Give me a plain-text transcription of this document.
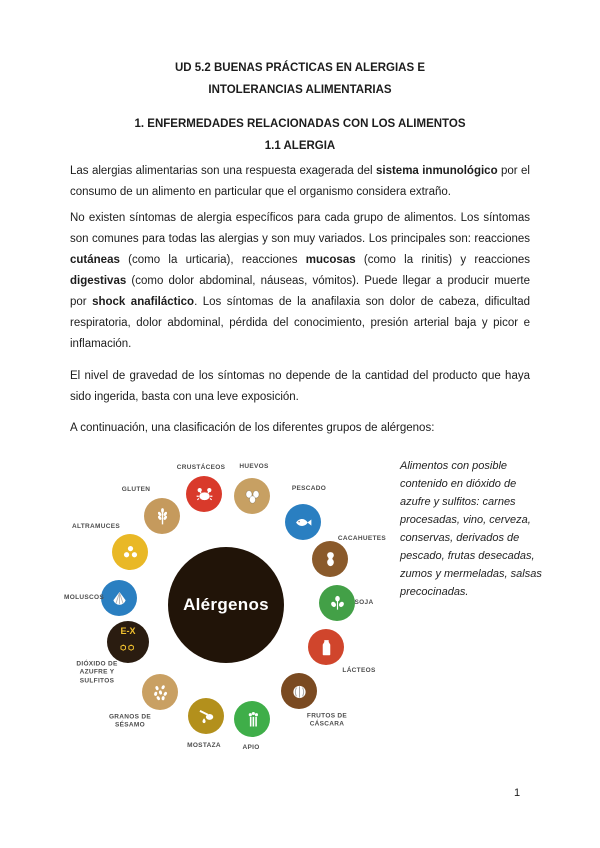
UD 5.2 BUENAS PRÁCTICAS EN ALERGIAS E
INTOLERANCIAS ALIMENTARIAS
1. ENFERMEDADES RELACIONADAS CON LOS ALIMENTOS
1.1 ALERGIA

Las alergias alimentarias son una respuesta exagerada del sistema inmunológico por el consumo de un alimento en particular que el organismo considera extraño.

No existen síntomas de alergia específicos para cada grupo de alimentos. Los síntomas son comunes para todas las alergias y son muy variados. Los principales son: reacciones cutáneas (como la urticaria), reacciones mucosas (como la rinitis) y reacciones digestivas (como dolor abdominal, náuseas, vómitos). Puede llegar a producir muerte por shock anafiláctico. Los síntomas de la anafilaxia son dolor de cabeza, dificultad respiratoria, dolor abdominal, pérdida del conocimiento, presión arterial baja y picor e inflamación.

El nivel de gravedad de los síntomas no depende de la cantidad del producto que haya sido ingerida, basta con una leve exposición.

A continuación, una clasificación de los diferentes grupos de alérgenos:

Alérgenos
GLUTEN
CRUSTÁCEOS	HUEVOS
PESCADO
CACAHUETES
SOJA
LÁCTEOS
FRUTOS DE CÁSCARA
APIO
MOSTAZA
GRANOS DE SÉSAMO
E-X
DIÓXIDO DE AZUFRE Y SULFITOS
MOLUSCOS
ALTRAMUCES
Alimentos con posible contenido en dióxido de azufre y sulfitos: carnes procesadas, vino, cerveza, conservas, derivados de pescado, frutas desecadas, zumos y mermeladas, salsas precocinadas.
1
